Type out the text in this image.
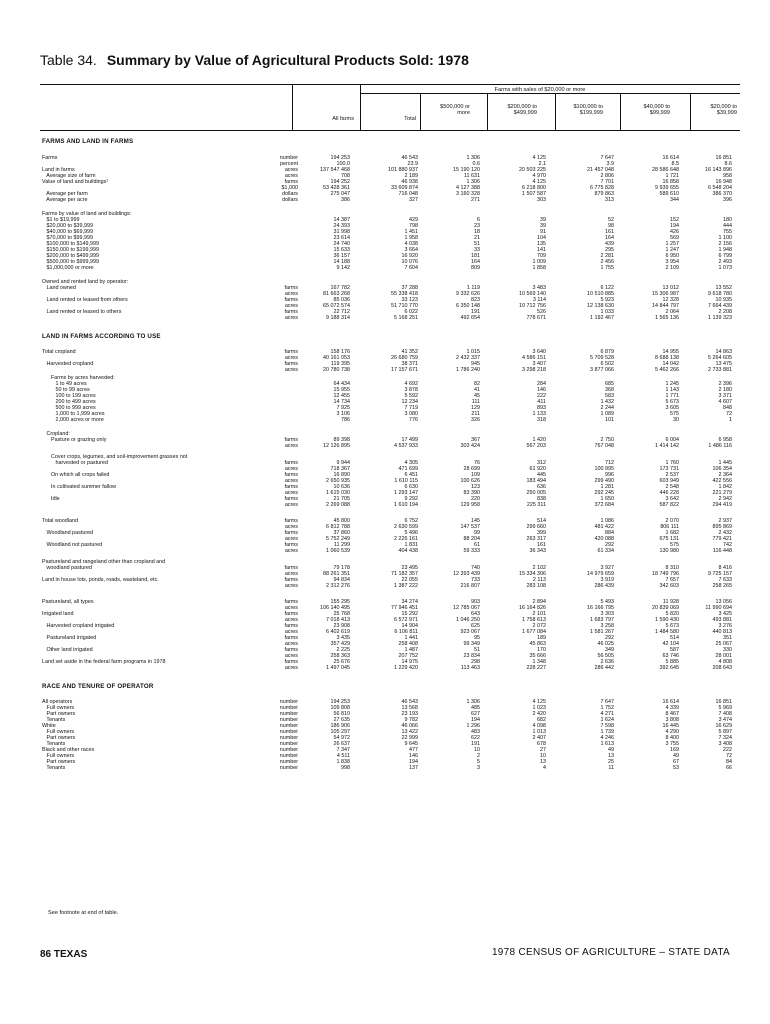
Table 34. Summary by Value of Agricultural Products Sold: 1978
Farms with sales of $20,000 or more
All farms	Total
$500,000 or more
$200,000 to $499,999
$100,000 to $199,999
$40,000 to $99,999
$20,000 to $39,999
FARMS AND LAND IN FARMS
Farms	number	194 253	46 543	1 306	4 125	7 647	16 614	16 851
percent	100.0	23.9	0.6	2.1	3.9	8.5	8.6
Land in farms	acres	137 547 468	101 880 937	15 190 120	20 503 225	21 457 048	28 586 648	16 143 896
Average size of farm	acres	708	2 189	11 631	4 970	2 806	1 721	958
Value of land and buildings¹	farms	194 252	46 938	1 306	4 125	7 701	16 858	16 948
$1,000	53 428 361	33 609 874	4 127 388	6 218 800	6 775 828	9 939 655	6 548 204
Average per farm	dollars	275 047	716 048	3 160 328	1 507 587	879 863	589 610	386 370
Average per acre	dollars	386	327	271	303	313	344	396
Farms by value of land and buildings:
$1 to $19,999	14 387	429	6	39	52	152	180
$20,000 to $39,999	24 393	798	23	39	98	194	444
$40,000 to $69,999	31 998	1 451	18	91	161	426	755
$70,000 to $99,999	23 614	1 958	21	104	164	569	1 100
$100,000 to $149,999	24 740	4 038	51	135	439	1 257	2 156
$150,000 to $199,999	15 633	3 664	33	141	295	1 247	1 948
$200,000 to $499,999	36 157	16 920	181	709	2 281	6 950	6 799
$500,000 to $999,999	14 188	10 076	164	1 009	2 456	3 954	2 493
$1,000,000 or more	9 142	7 604	809	1 858	1 755	2 109	1 073
Owned and rented land by operator:
Land owned	farms	167 782	37 288	1 119	3 483	6 122	13 012	13 552
acres	81 663 268	55 338 418	9 332 626	10 569 140	10 510 885	15 306 987	9 618 780
Land rented or leased from others	farms	85 036	33 123	823	3 114	5 923	12 328	10 935
acres	65 072 574	51 710 770	6 350 148	10 712 756	12 138 630	14 844 797	7 664 439
Land rented or leased to others	farms	22 712	6 022	191	526	1 033	2 064	2 208
acres	9 188 314	5 168 251	492 654	778 671	1 192 467	1 565 136	1 139 323
LAND IN FARMS ACCORDING TO USE
Total cropland	farms	158 176	41 352	1 015	3 640	6 879	14 955	14 863
acres	40 161 053	26 680 759	2 432 337	4 586 151	5 709 528	8 688 138	5 264 605
Harvested cropland	farms	119 395	38 371	945	3 407	6 502	14 042	13 475
acres	20 780 738	17 157 671	1 786 240	3 298 218	3 877 066	5 462 266	2 733 881
Farms by acres harvested:
1 to 49 acres	64 434	4 692	82	284	685	1 245	2 396
50 to 99 acres	15 955	3 878	41	146	368	1 143	2 180
100 to 199 acres	12 455	5 592	45	222	583	1 771	3 371
200 to 499 acres	14 734	12 234	111	411	1 432	5 673	4 607
500 to 999 acres	7 925	7 719	129	893	2 244	3 605	848
1,000 to 1,999 acres	3 106	3 080	211	1 133	1 089	575	72
2,000 acres or more	786	776	326	318	101	30	1
Cropland:
Pasture or grazing only	farms	89 398	17 499	367	1 420	2 750	6 004	6 958
acres	12 126 895	4 537 933	303 424	567 203	767 048	1 414 142	1 486 116
Cover crops, legumes, and soil-improvement grasses not
harvested or pastured	farms	9 944	4 305	76	312	712	1 760	1 445
acres	718 367	471 699	28 699	61 920	100 995	173 731	106 354
On which all crops failed	farms	16 890	6 451	109	445	996	2 537	2 364
acres	2 650 935	1 610 115	100 626	183 494	299 490	603 949	422 556
In cultivated summer fallow	farms	10 636	6 630	123	636	1 281	2 548	1 842
acres	1 615 030	1 293 147	83 390	250 005	292 245	446 228	221 279
Idle	farms	21 705	9 292	220	838	1 650	3 642	2 942
acres	2 269 088	1 610 194	129 958	225 311	372 684	587 822	294 419
Total woodland	farms	45 800	6 752	145	514	1 086	2 070	2 937
acres	6 812 788	2 630 599	147 537	299 660	481 422	806 111	895 869
Woodland pastured	farms	37 860	5 496	99	399	884	1 682	2 432
acres	5 752 249	2 226 161	88 204	263 317	420 088	675 131	779 421
Woodland not pastured	farms	11 299	1 831	61	161	292	575	742
acres	1 060 539	404 438	59 333	36 343	61 334	130 980	116 448
Pastureland and rangeland other than cropland and
woodland pastured	farms	79 178	23 495	740	2 102	3 927	8 310	8 416
acres	88 261 351	71 182 357	12 393 439	15 334 306	14 979 659	18 749 796	9 725 157
Land in house lots, ponds, roads, wasteland, etc.	farms	94 834	22 055	733	2 113	3 919	7 657	7 633
acres	2 312 276	1 387 222	216 807	283 108	286 439	342 603	258 265
Pastureland, all types	farms	155 295	34 274	903	2 894	5 493	11 928	13 056
acres	106 140 495	77 946 451	12 785 067	16 164 826	16 166 795	20 839 069	11 990 694
Irrigated land	farms	25 768	15 292	643	2 101	3 303	5 820	3 425
acres	7 018 413	6 572 971	1 046 250	1 758 613	1 683 797	1 590 430	493 881
Harvested cropland irrigated	farms	23 908	14 904	625	2 072	3 258	5 673	3 276
acres	6 402 619	6 106 811	923 067	1 677 084	1 581 267	1 484 580	440 813
Pastureland irrigated	farms	3 435	1 441	95	189	292	514	351
acres	357 429	258 408	99 349	45 863	46 025	42 104	25 067
Other land irrigated	farms	2 225	1 487	51	170	349	587	330
acres	258 363	207 752	23 834	35 666	56 505	63 746	28 001
Land set aside in the federal farm programs in 1978	farms	25 676	14 975	298	1 348	2 636	5 885	4 808
acres	1 497 045	1 229 420	113 463	228 227	286 442	392 645	208 643
RACE AND TENURE OF OPERATOR
All operators	number	194 253	46 543	1 306	4 125	7 647	16 614	16 851
Full owners	number	109 808	13 568	485	1 023	1 752	4 339	5 969
Part owners	number	56 810	23 193	627	2 420	4 271	8 467	7 408
Tenants	number	27 635	9 782	194	682	1 624	3 808	3 474
White	number	186 906	46 066	1 296	4 098	7 598	16 445	16 629
Full owners	number	105 297	13 422	483	1 013	1 739	4 290	5 897
Part owners	number	54 972	22 999	622	2 407	4 246	8 400	7 324
Tenants	number	26 637	9 645	191	678	1 613	3 755	3 408
Black and other races	number	7 347	477	10	27	49	169	222
Full owners	number	4 511	146	2	10	13	49	72
Part owners	number	1 838	194	5	13	25	67	84
Tenants	number	998	137	3	4	11	53	66
See footnote at end of table.
86 TEXAS	1978 CENSUS OF AGRICULTURE – STATE DATA
